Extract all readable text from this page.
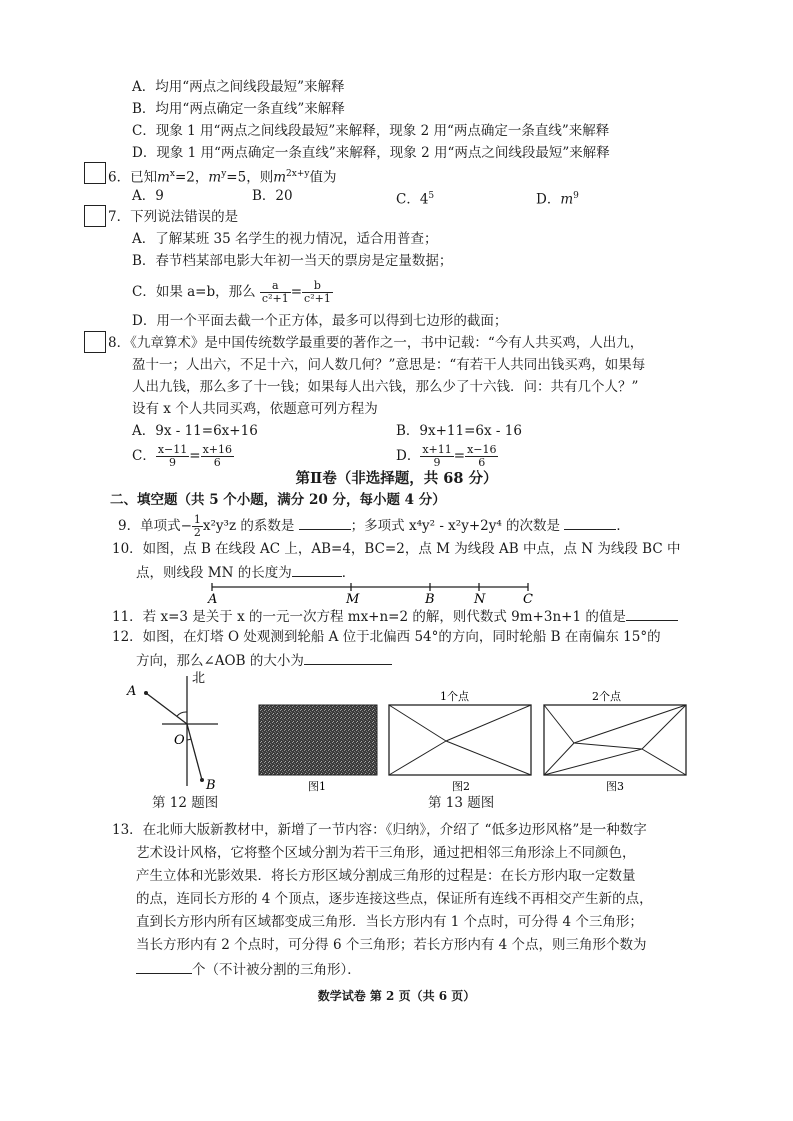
A．均用“两点之间线段最短”来解释
B．均用“两点确定一条直线”来解释
C．现象 1 用“两点之间线段最短”来解释，现象 2 用“两点确定一条直线”来解释
D．现象 1 用“两点确定一条直线”来解释，现象 2 用“两点之间线段最短”来解释
6．已知$m^x=2$，$m^y=5$，则$m^{2x+y}$值为
A．9	B．20	C．$4^5$	D．$m^9$
7．下列说法错误的是
A．了解某班 35 名学生的视力情况，适合用普查；
B．春节档某部电影大年初一当天的票房是定量数据；
C．如果 a=b，那么 $\frac{a}{\text{c²+1}} = \frac{b}{\text{c²+1}}$
D．用一个平面去截一个正方体，最多可以得到七边形的截面；
8．《九章算术》是中国传统数学最重要的著作之一，书中记载：“今有人共买鸡，人出九，
盈十一；人出六，不足十六，问人数几何？”意思是：“有若干人共同出钱买鸡，如果每
人出九钱，那么多了十一钱；如果每人出六钱，那么少了十六钱．问：共有几个人？”
设有 x 个人共同买鸡，依题意可列方程为
A．9x - 11=6x+16	B．9x+11=6x - 16
C． $\frac{x-11}{9} = \frac{x+16}{6}$	D． $\frac{x+11}{9} = \frac{x-16}{6}$
第Ⅱ卷（非选择题，共 68 分）
二、填空题（共 5 个小题，满分 20 分，每小题 4 分）
9．单项式− $\frac{1}{2} x^2y^3z$ 的系数是	；多项式 x⁴y² - x²y+2y⁴ 的次数是	．
10．如图，点 B 在线段 AC 上，AB=4，BC=2，点 M 为线段 AB 中点，点 N 为线段 BC 中
点，则线段 MN 的长度为	．
A	M	B	N	C
11．若 x=3 是关于 x 的一元一次方程 mx+n=2 的解，则代数式 9m+3n+1 的值是
12．如图，在灯塔 O 处观测到轮船 A 位于北偏西 54°的方向，同时轮船 B 在南偏东 15°的
方向，那么∠AOB 的大小为
北
A
O
B
第 12 题图
图1
1个点
图2
2个点
图3
第 13 题图
13．在北师大版新教材中，新增了一节内容：《归纳》，介绍了 “低多边形风格”是一种数字
艺术设计风格，它将整个区域分割为若干三角形，通过把相邻三角形涂上不同颜色，
产生立体和光影效果．将长方形区域分割成三角形的过程是：在长方形内取一定数量
的点，连同长方形的 4 个顶点，逐步连接这些点，保证所有连线不再相交产生新的点，
直到长方形内所有区域都变成三角形．当长方形内有 1 个点时，可分得 4 个三角形；
当长方形内有 2 个点时，可分得 6 个三角形；若长方形内有 4 个点，则三角形个数为
个（不计被分割的三角形）．
数学试卷 第 2 页（共 6 页）
